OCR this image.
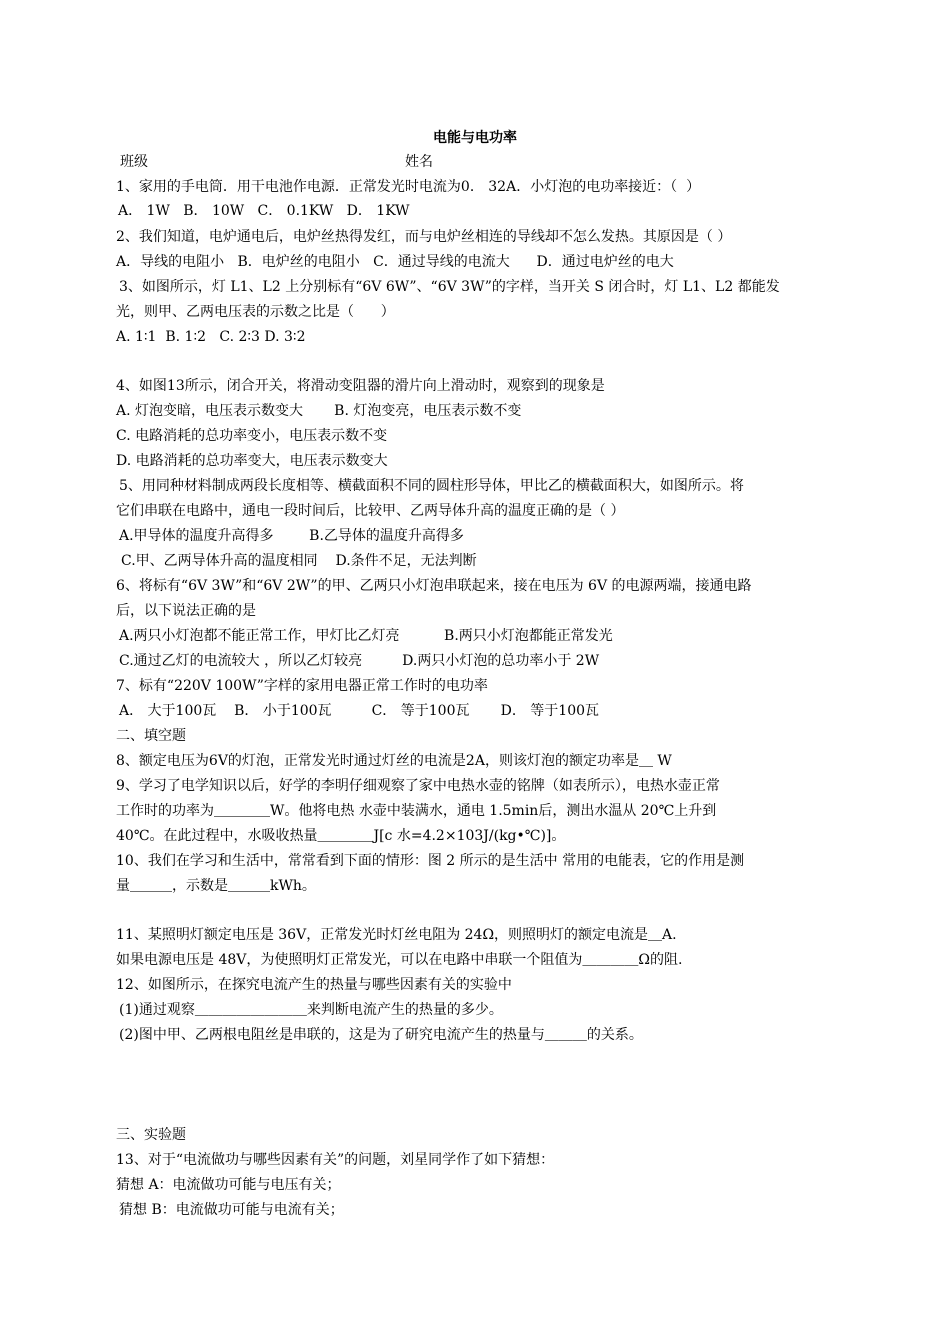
电能与电功率
班级	姓名
1、家用的手电筒．用干电池作电源．正常发光时电流为0． 32A．小灯泡的电功率接近：（  ）
A． 1W   B． 10W   C． 0.1KW   D． 1KW
2、我们知道，电炉通电后，电炉丝热得发红，而与电炉丝相连的导线却不怎么发热。其原因是（ ）
A．导线的电阻小   B．电炉丝的电阻小   C．通过导线的电流大      D．通过电炉丝的电大
3、如图所示，灯 L1、L2 上分别标有“6V 6W”、“6V 3W”的字样，当开关 S 闭合时，灯 L1、L2 都能发
光，则甲、乙两电压表的示数之比是（      ）
A. 1∶1  B. 1∶2   C. 2∶3 D. 3∶2
4、如图13所示，闭合开关，将滑动变阻器的滑片向上滑动时，观察到的现象是
A. 灯泡变暗，电压表示数变大       B. 灯泡变亮，电压表示数不变
C. 电路消耗的总功率变小，电压表示数不变
D. 电路消耗的总功率变大，电压表示数变大
5、用同种材料制成两段长度相等、横截面积不同的圆柱形导体，甲比乙的横截面积大，如图所示。将
它们串联在电路中，通电一段时间后，比较甲、乙两导体升高的温度正确的是（ ）
A.甲导体的温度升高得多        B.乙导体的温度升高得多
C.甲、乙两导体升高的温度相同    D.条件不足，无法判断
6、将标有“6V 3W”和“6V 2W”的甲、乙两只小灯泡串联起来，接在电压为 6V 的电源两端，接通电路
后，以下说法正确的是
A.两只小灯泡都不能正常工作，甲灯比乙灯亮          B.两只小灯泡都能正常发光
C.通过乙灯的电流较大 ，所以乙灯较亮         D.两只小灯泡的总功率小于 2W
7、标有“220V 100W”字样的家用电器正常工作时的电功率
A． 大于100瓦    B． 小于100瓦         C． 等于100瓦       D． 等于100瓦
二、填空题
8、额定电压为6V的灯泡，正常发光时通过灯丝的电流是2A，则该灯泡的额定功率是＿ W
9、学习了电学知识以后，好学的李明仔细观察了家中电热水壶的铭牌（如表所示），电热水壶正常
工作时的功率为＿＿＿＿W。他将电热 水壶中装满水，通电 1.5min后，测出水温从 20℃上升到
40℃。在此过程中，水吸收热量＿＿＿＿J[c 水=4.2×103J/(kg•℃)]。
10、我们在学习和生活中，常常看到下面的情形：图 2 所示的是生活中 常用的电能表，它的作用是测
量＿＿＿，示数是＿＿＿kWh。
11、某照明灯额定电压是 36V，正常发光时灯丝电阻为 24Ω，则照明灯的额定电流是＿A.
如果电源电压是 48V，为使照明灯正常发光，可以在电路中串联一个阻值为＿＿＿＿Ω的阻.
12、如图所示，在探究电流产生的热量与哪些因素有关的实验中
(1)通过观察＿＿＿＿＿＿＿＿来判断电流产生的热量的多少。
(2)图中甲、乙两根电阻丝是串联的，这是为了研究电流产生的热量与＿＿＿的关系。
三、实验题
13、对于“电流做功与哪些因素有关”的问题，刘星同学作了如下猜想：
猜想 A：电流做功可能与电压有关；
猜想 B：电流做功可能与电流有关；
